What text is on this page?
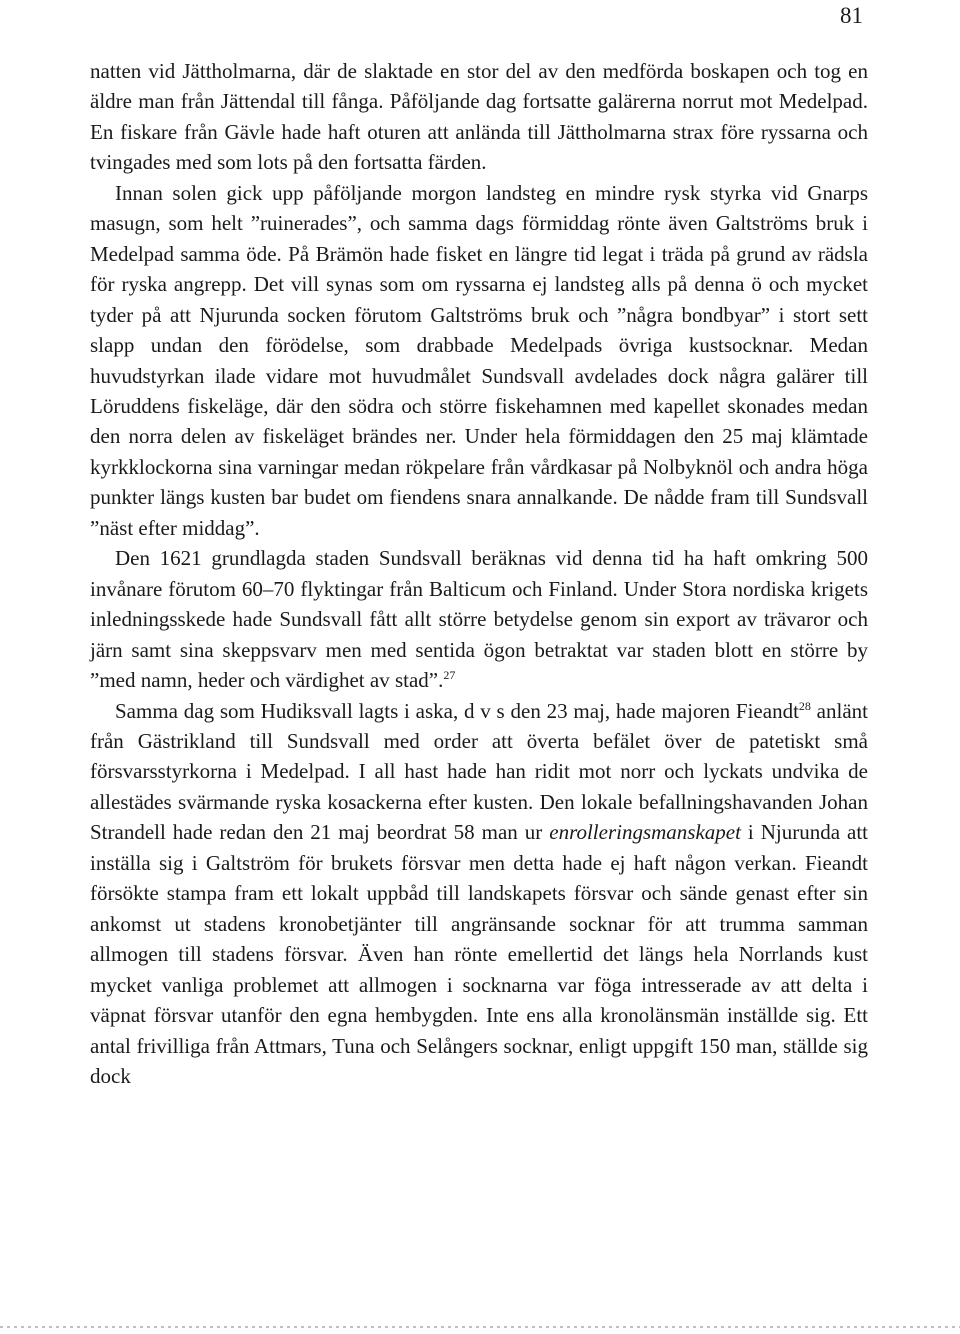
81

natten vid Jättholmarna, där de slaktade en stor del av den medförda boskapen och tog en äldre man från Jättendal till fånga. Påföljande dag fortsatte galärerna norrut mot Medelpad. En fiskare från Gävle hade haft oturen att anlända till Jättholmarna strax före ryssarna och tvingades med som lots på den fortsatta färden.

Innan solen gick upp påföljande morgon landsteg en mindre rysk styrka vid Gnarps masugn, som helt ”ruinerades”, och samma dags förmiddag rönte även Galtströms bruk i Medelpad samma öde. På Brämön hade fisket en längre tid legat i träda på grund av rädsla för ryska angrepp. Det vill synas som om ryssarna ej landsteg alls på denna ö och mycket tyder på att Njurunda socken förutom Galtströms bruk och ”några bondbyar” i stort sett slapp undan den förödelse, som drabbade Medelpads övriga kustsocknar. Medan huvudstyrkan ilade vidare mot huvudmålet Sundsvall avdelades dock några galärer till Löruddens fiskeläge, där den södra och större fiskehamnen med kapellet skonades medan den norra delen av fiskeläget brändes ner. Under hela förmiddagen den 25 maj klämtade kyrkklockorna sina varningar medan rökpelare från vårdkasar på Nolbyknöl och andra höga punkter längs kusten bar budet om fiendens snara annalkande. De nådde fram till Sundsvall ”näst efter middag”.

Den 1621 grundlagda staden Sundsvall beräknas vid denna tid ha haft omkring 500 invånare förutom 60–70 flyktingar från Balticum och Finland. Under Stora nordiska krigets inledningsskede hade Sundsvall fått allt större betydelse genom sin export av trävaror och järn samt sina skeppsvarv men med sentida ögon betraktat var staden blott en större by ”med namn, heder och värdighet av stad”.$^{27}$

Samma dag som Hudiksvall lagts i aska, d v s den 23 maj, hade majoren Fieandt$^{28}$ anlänt från Gästrikland till Sundsvall med order att överta befälet över de patetiskt små försvarsstyrkorna i Medelpad. I all hast hade han ridit mot norr och lyckats undvika de allestädes svärmande ryska kosackerna efter kusten. Den lokale befallningshavanden Johan Strandell hade redan den 21 maj beordrat 58 man ur enrolleringsmanskapet i Njurunda att inställa sig i Galtström för brukets försvar men detta hade ej haft någon verkan. Fieandt försökte stampa fram ett lokalt uppbåd till landskapets försvar och sände genast efter sin ankomst ut stadens kronobetjänter till angränsande socknar för att trumma samman allmogen till stadens försvar. Även han rönte emellertid det längs hela Norrlands kust mycket vanliga problemet att allmogen i socknarna var föga intresserade av att delta i väpnat försvar utanför den egna hembygden. Inte ens alla kronolänsmän inställde sig. Ett antal frivilliga från Attmars, Tuna och Selångers socknar, enligt uppgift 150 man, ställde sig dock
